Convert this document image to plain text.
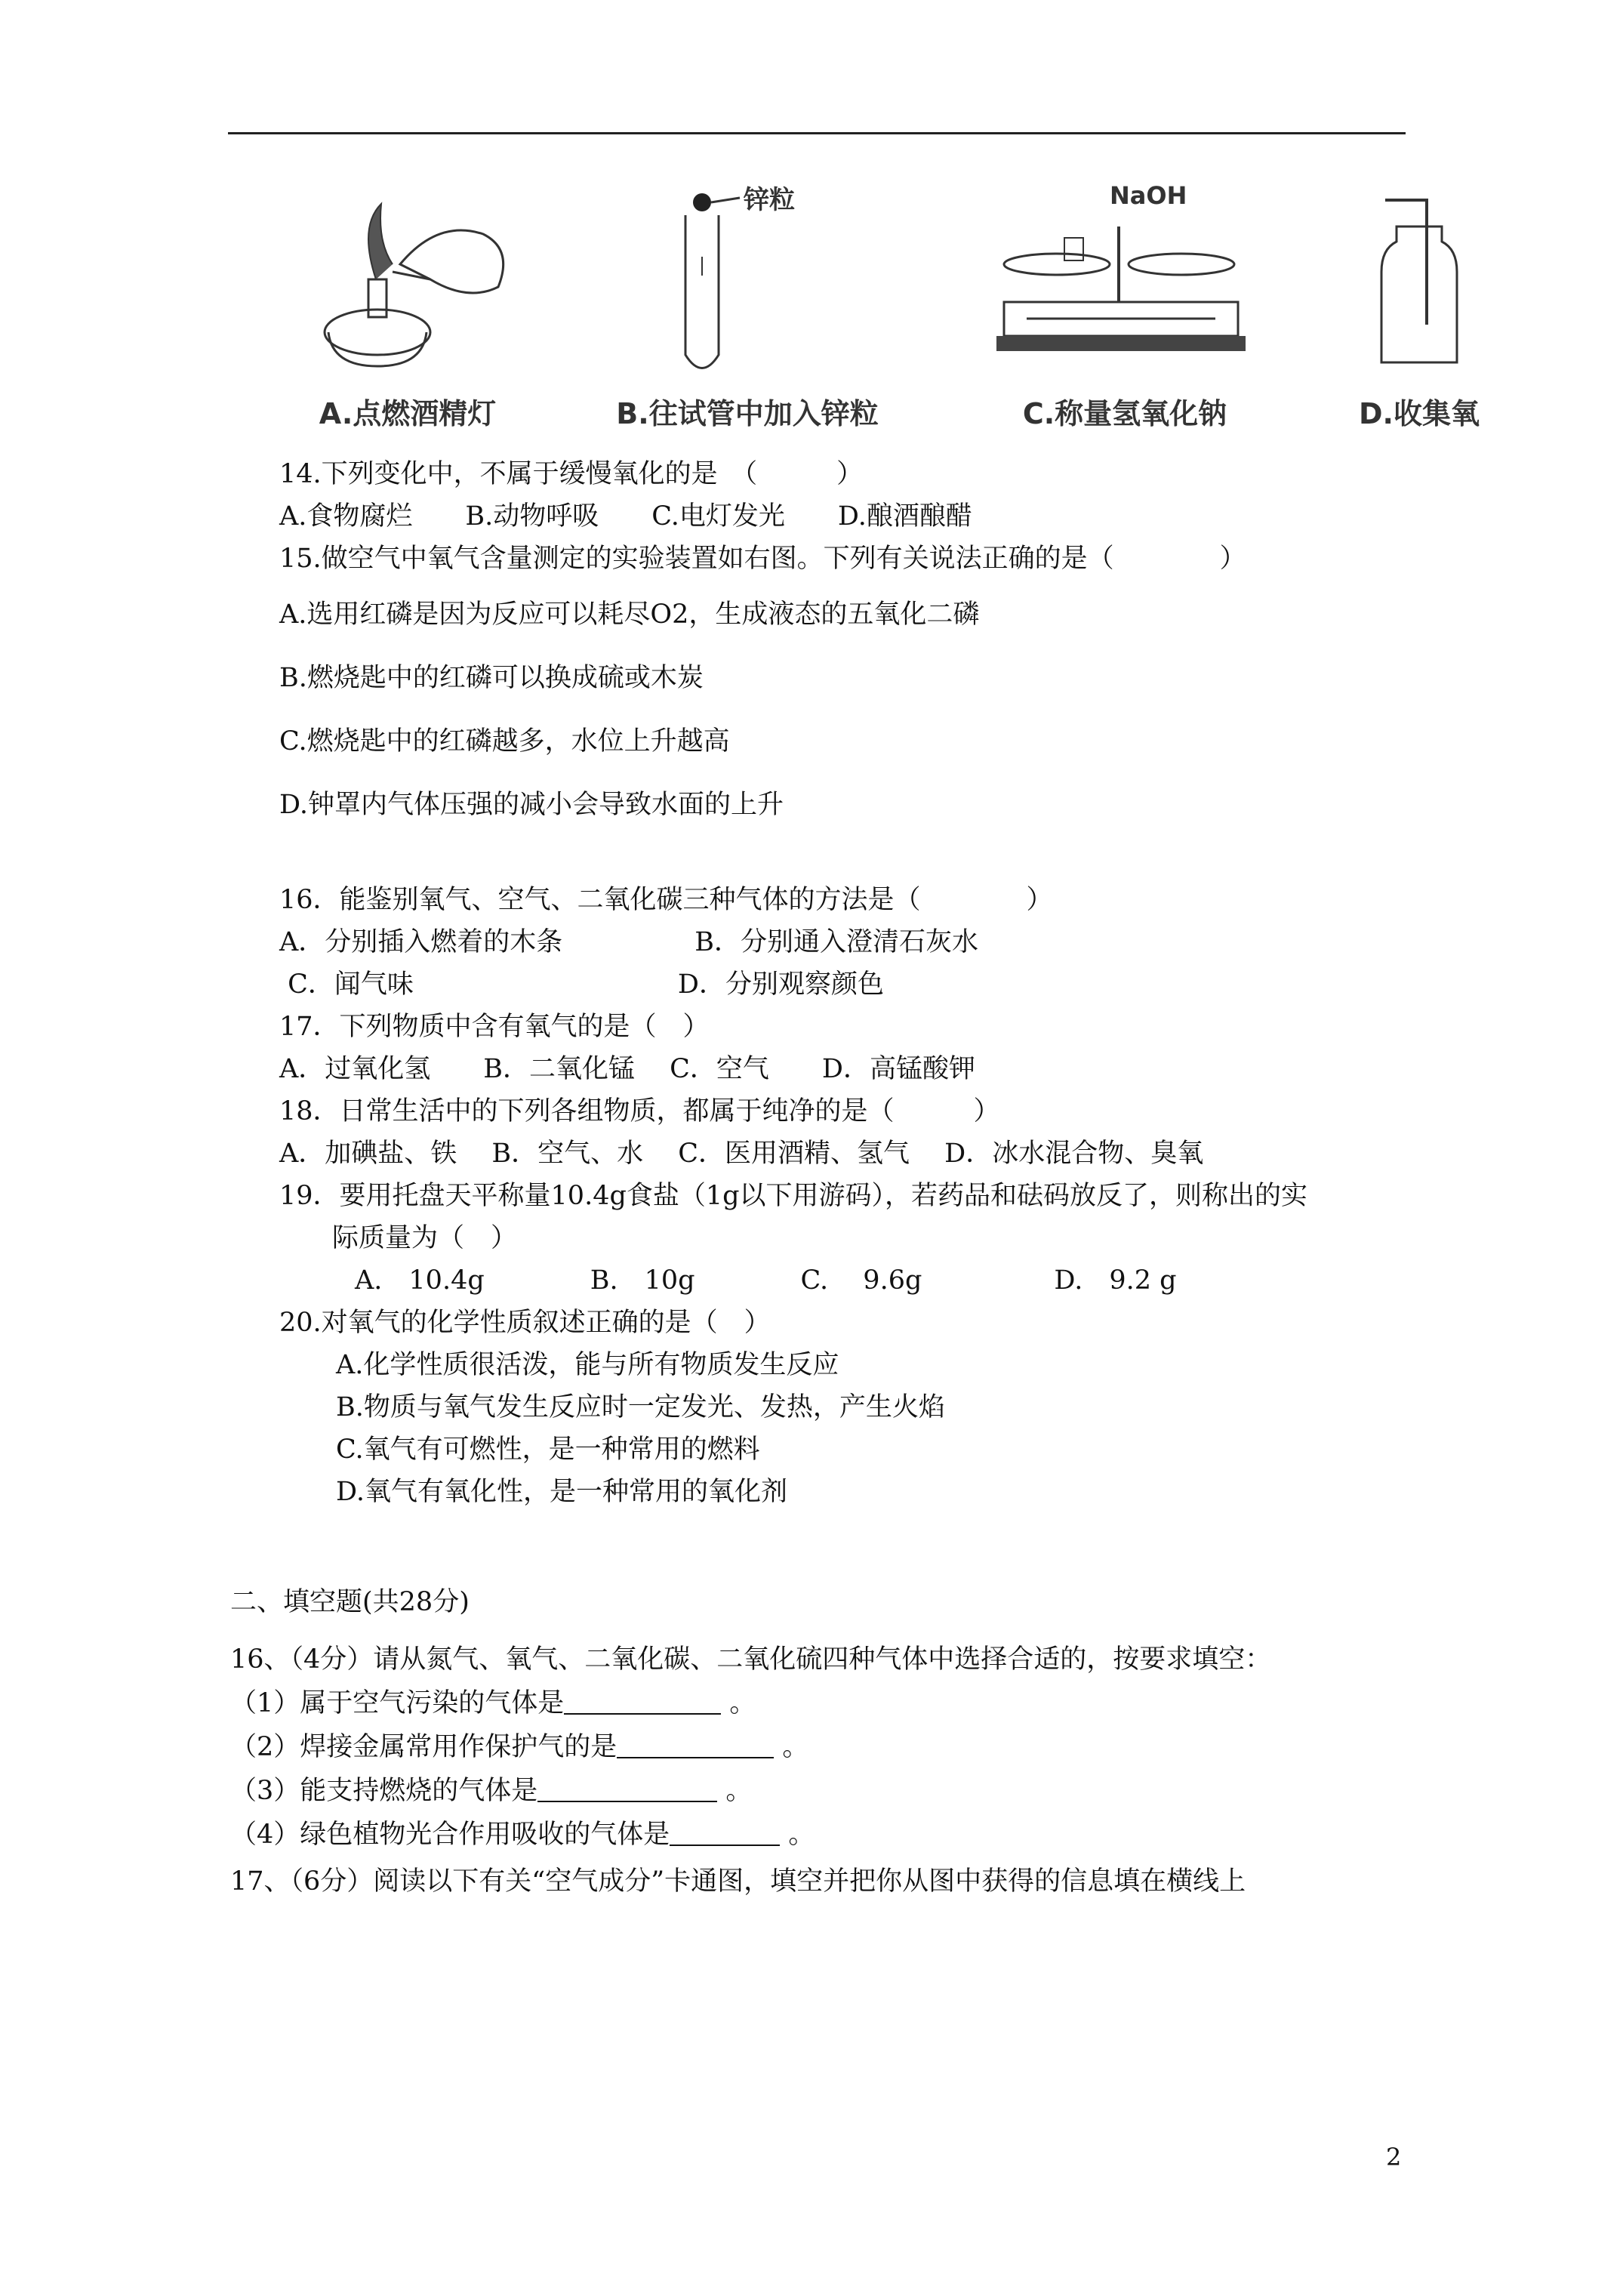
A.点燃酒精灯
锌粒
B.往试管中加入锌粒
NaOH
C.称量氢氧化钠	D.收集氧
14.下列变化中，不属于缓慢氧化的是　（　　　）
A.食物腐烂　　B.动物呼吸　　C.电灯发光　　D.酿酒酿醋
15.做空气中氧气含量测定的实验装置如右图。下列有关说法正确的是（　　　　）
A.选用红磷是因为反应可以耗尽O2，生成液态的五氧化二磷
B.燃烧匙中的红磷可以换成硫或木炭
C.燃烧匙中的红磷越多，水位上升越高
D.钟罩内气体压强的减小会导致水面的上升
16．能鉴别氧气、空气、二氧化碳三种气体的方法是（　　　　）
A．分别插入燃着的木条　　　　　B．分别通入澄清石灰水
C．闻气味　　　　　　　　　　D．分别观察颜色
17．下列物质中含有氧气的是（　）
A．过氧化氢　　B．二氧化锰　 C．空气　　D．高锰酸钾
18．日常生活中的下列各组物质，都属于纯净的是（　　　）
A．加碘盐、铁　 B．空气、水　 C．医用酒精、氢气　 D．冰水混合物、臭氧
19．要用托盘天平称量10.4g食盐（1g以下用游码），若药品和砝码放反了，则称出的实
际质量为（　）
A.　10.4g　　　　B.　10g　　　　C.　 9.6g　　　　　D.　9.2 g
20.对氧气的化学性质叙述正确的是（　）
A.化学性质很活泼，能与所有物质发生反应
B.物质与氧气发生反应时一定发光、发热，产生火焰
C.氧气有可燃性，是一种常用的燃料
D.氧气有氧化性，是一种常用的氧化剂
二、填空题(共28分)
16、（4分）请从氮气、氧气、二氧化碳、二氧化硫四种气体中选择合适的，按要求填空：
（1）属于空气污染的气体是	。
（2）焊接金属常用作保护气的是	。
（3）能支持燃烧的气体是	。
（4）绿色植物光合作用吸收的气体是	。
17、（6分）阅读以下有关“空气成分”卡通图，填空并把你从图中获得的信息填在横线上
2
